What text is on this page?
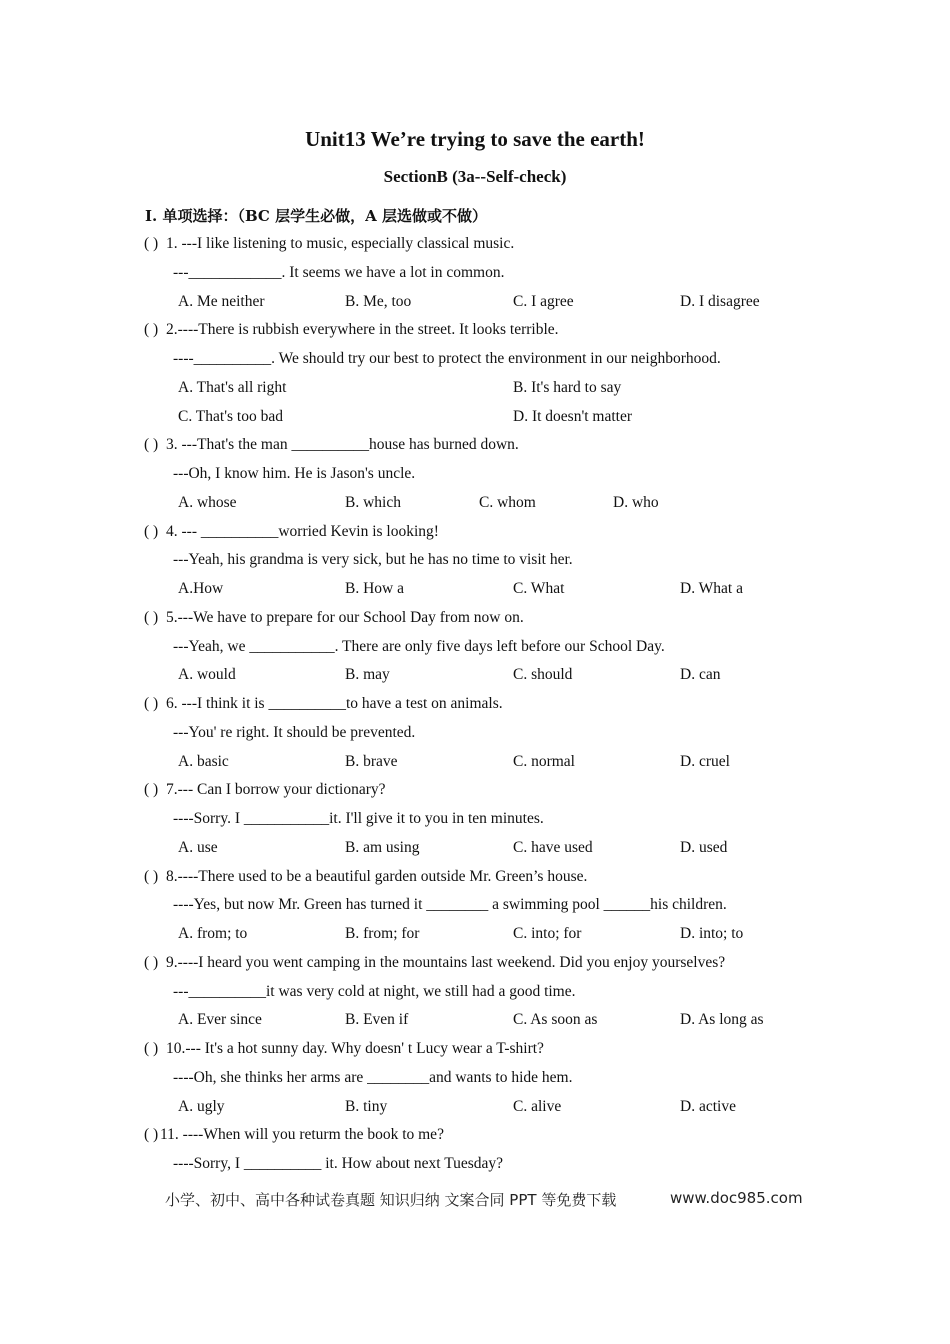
Unit13 We’re trying to save the earth!
SectionB (3a--Self-check)
I. 单项选择：（BC 层学生必做，A 层选做或不做）
( ) 1. ---I like listening to music, especially classical music.
---____________. It seems we have a lot in common.
A. Me neither	B. Me, too	C. I agree	D. I disagree
( ) 2.----There is rubbish everywhere in the street. It looks terrible.
----__________. We should try our best to protect the environment in our neighborhood.
A. That's all right	B. It's hard to say
C. That's too bad	D. It doesn't matter
( ) 3. ---That's the man __________house has burned down.
---Oh, I know him. He is Jason's uncle.
A. whose	B. which	C. whom	D. who
( ) 4. --- __________worried Kevin is looking!
---Yeah, his grandma is very sick, but he has no time to visit her.
A.How	B. How a	C. What	D. What a
( ) 5.---We have to prepare for our School Day from now on.
---Yeah, we ___________. There are only five days left before our School Day.
A. would	B. may	C. should	D. can
( ) 6. ---I think it is __________to have a test on animals.
---You' re right. It should be prevented.
A. basic	B. brave	C. normal	D. cruel
( ) 7.--- Can I borrow your dictionary?
----Sorry. I ___________it. I'll give it to you in ten minutes.
A. use	B. am using	C. have used	D. used
( ) 8.----There used to be a beautiful garden outside Mr. Green’s house.
----Yes, but now Mr. Green has turned it ________ a swimming pool ______his children.
A. from; to	B. from; for	C. into; for	D. into; to
( ) 9.----I heard you went camping in the mountains last weekend. Did you enjoy yourselves?
---__________it was very cold at night, we still had a good time.
A. Ever since	B. Even if	C. As soon as	D. As long as
( ) 10.--- It's a hot sunny day. Why doesn' t Lucy wear a T-shirt?
----Oh, she thinks her arms are ________and wants to hide hem.
A. ugly	B. tiny	C. alive	D. active
( ) 11. ----When will you returm the book to me?
----Sorry, I __________ it. How about next Tuesday?
小学、初中、高中各种试卷真题 知识归纳 文案合同 PPT 等免费下载	www.doc985.com
